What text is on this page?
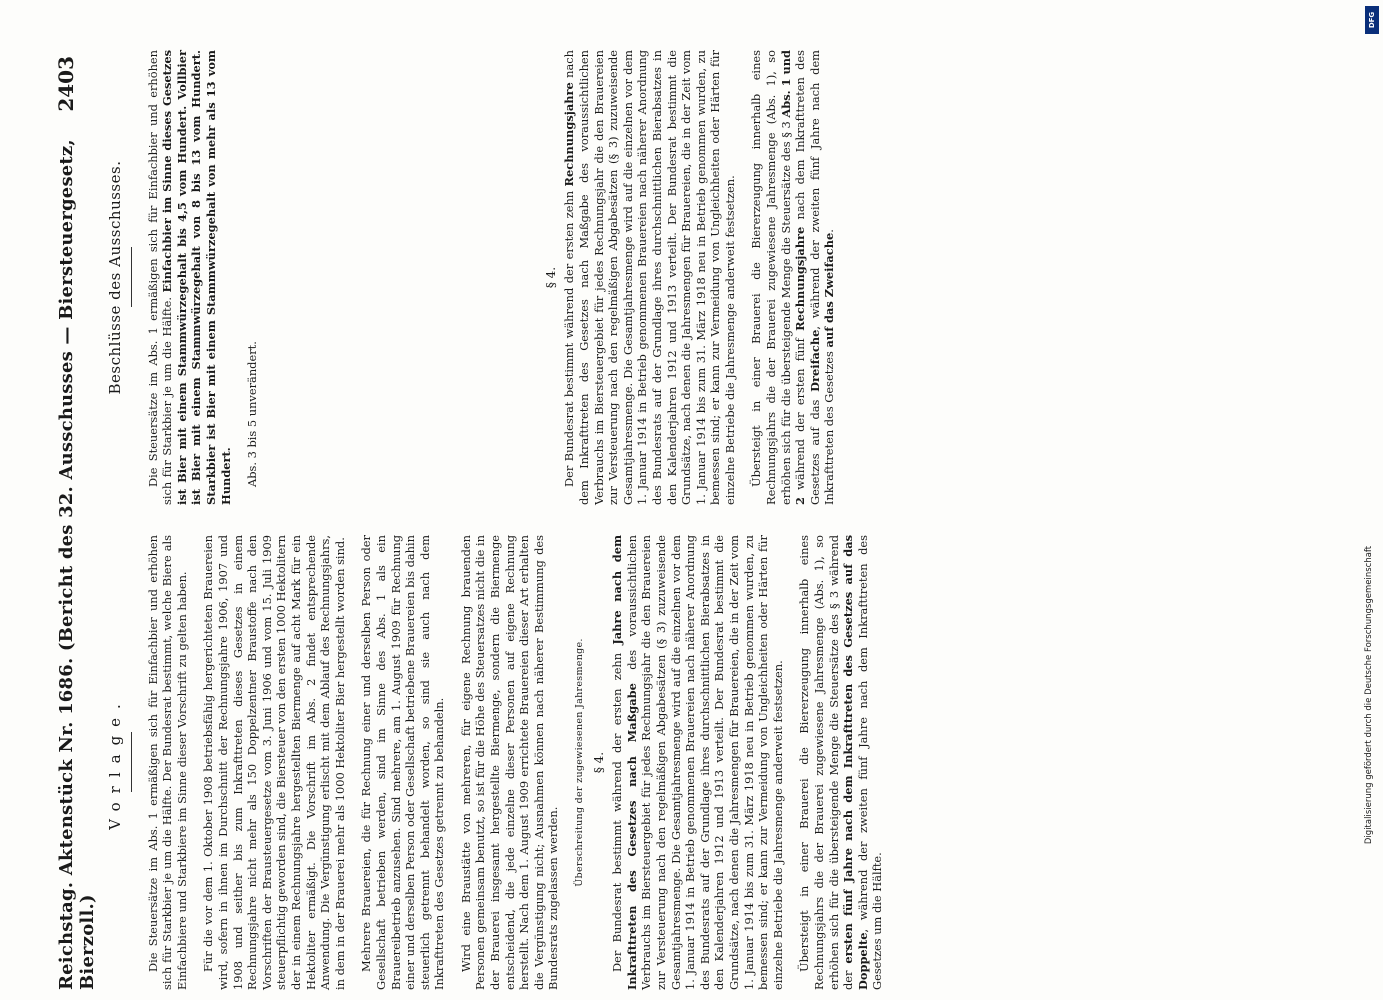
Reichstag. Aktenstück Nr. 1686. (Bericht des 32. Ausschusses — Biersteuergesetz, Bierzoll.)
2403
Vorlage. Die Steuersätze im Abs. 1 ermäßigen sich für Einfachbier und erhöhen sich für Starkbier je um die Hälfte. Der Bundesrat bestimmt, welche Biere als Einfachbiere und Starkbiere im Sinne dieser Vorschrift zu gelten haben. Für die vor dem 1. Oktober 1908 betriebsfähig hergerichteten Brauereien wird, sofern in ihnen im Durchschnitt der Rechnungsjahre 1906, 1907 und 1908 und seither bis zum Inkrafttreten dieses Gesetzes in einem Rechnungsjahre nicht mehr als 150 Doppelzentner Braustoffe nach den Vorschriften der Brausteuergesetze vom 3. Juni 1906 und vom 15. Juli 1909 steuerpflichtig geworden sind, die Biersteuer von den ersten 1000 Hektolitern der in einem Rechnungsjahre hergestellten Biermenge auf acht Mark für ein Hektoliter ermäßigt. Die Vorschrift im Abs. 2 findet entsprechende Anwendung. Die Vergünstigung erlischt mit dem Ablauf des Rechnungsjahrs, in dem in der Brauerei mehr als 1000 Hektoliter Bier hergestellt worden sind. Mehrere Brauereien, die für Rechnung einer und derselben Person oder Gesellschaft betrieben werden, sind im Sinne des Abs. 1 als ein Brauereibetrieb anzusehen. Sind mehrere, am 1. August 1909 für Rechnung einer und derselben Person oder Gesellschaft betriebene Brauereien bis dahin steuerlich getrennt behandelt worden, so sind sie auch nach dem Inkrafttreten des Gesetzes getrennt zu behandeln. Wird eine Braustätte von mehreren, für eigene Rechnung brauenden Personen gemeinsam benutzt, so ist für die Höhe des Steuersatzes nicht die in der Brauerei insgesamt hergestellte Biermenge, sondern die Biermenge entscheidend, die jede einzelne dieser Personen auf eigene Rechnung herstellt. Nach dem 1. August 1909 errichtete Brauereien dieser Art erhalten die Vergünstigung nicht; Ausnahmen können nach näherer Bestimmung des Bundesrats zugelassen werden.

Überschreitung der zugewiesenen Jahresmenge. § 4. Der Bundesrat bestimmt während der ersten zehn Jahre nach dem Inkrafttreten des Gesetzes nach Maßgabe des voraussichtlichen Verbrauchs im Biersteuergebiet für jedes Rechnungsjahr die den Brauereien zur Versteuerung nach den regelmäßigen Abgabesätzen (§ 3) zuzuweisende Gesamtjahresmenge. Die Gesamtjahresmenge wird auf die einzelnen vor dem 1. Januar 1914 in Betrieb genommenen Brauereien nach näherer Anordnung des Bundesrats auf der Grundlage ihres durchschnittlichen Bierabsatzes in den Kalenderjahren 1912 und 1913 verteilt. Der Bundesrat bestimmt die Grundsätze, nach denen die Jahresmengen für Brauereien, die in der Zeit vom 1. Januar 1914 bis zum 31. März 1918 neu in Betrieb genommen wurden, zu bemessen sind; er kann zur Vermeidung von Ungleichheiten oder Härten für einzelne Betriebe die Jahresmenge anderweit festsetzen. Übersteigt in einer Brauerei die Biererzeugung innerhalb eines Rechnungsjahrs die der Brauerei zugewiesene Jahresmenge (Abs. 1), so erhöhen sich für die übersteigende Menge die Steuersätze des § 3 während der ersten fünf Jahre nach dem Inkrafttreten des Gesetzes auf das Doppelte, während der zweiten fünf Jahre nach dem Inkrafttreten des Gesetzes um die Hälfte.

Beschlüsse des Ausschusses. Die Steuersätze im Abs. 1 ermäßigen sich für Einfachbier und erhöhen sich für Starkbier je um die Hälfte. Einfachbier im Sinne dieses Gesetzes ist Bier mit einem Stammwürzegehalt bis 4,5 vom Hundert. Vollbier ist Bier mit einem Stammwürzegehalt von 8 bis 13 vom Hundert. Starkbier ist Bier mit einem Stammwürzegehalt von mehr als 13 vom Hundert. Abs. 3 bis 5 unverändert.

§ 4. Der Bundesrat bestimmt während der ersten zehn Rechnungsjahre nach dem Inkrafttreten des Gesetzes nach Maßgabe des voraussichtlichen Verbrauchs im Biersteuergebiet für jedes Rechnungsjahr die den Brauereien zur Versteuerung nach den regelmäßigen Abgabesätzen (§ 3) zuzuweisende Gesamtjahresmenge. Die Gesamtjahresmenge wird auf die einzelnen vor dem 1. Januar 1914 in Betrieb genommenen Brauereien nach näherer Anordnung des Bundesrats auf der Grundlage ihres durchschnittlichen Bierabsatzes in den Kalenderjahren 1912 und 1913 verteilt. Der Bundesrat bestimmt die Grundsätze, nach denen die Jahresmengen für Brauereien, die in der Zeit vom 1. Januar 1914 bis zum 31. März 1918 neu in Betrieb genommen wurden, zu bemessen sind; er kann zur Vermeidung von Ungleichheiten oder Härten für einzelne Betriebe die Jahresmenge anderweit festsetzen. Übersteigt in einer Brauerei die Biererzeugung innerhalb eines Rechnungsjahrs die der Brauerei zugewiesene Jahresmenge (Abs. 1), so erhöhen sich für die übersteigende Menge die Steuersätze des § 3 Abs. 1 und 2 während der ersten fünf Rechnungsjahre nach dem Inkrafttreten des Gesetzes auf das Dreifache, während der zweiten fünf Jahre nach dem Inkrafttreten des Gesetzes auf das Zweifache.

DFG
Digitalisierung gefördert durch die Deutsche Forschungsgemeinschaft
